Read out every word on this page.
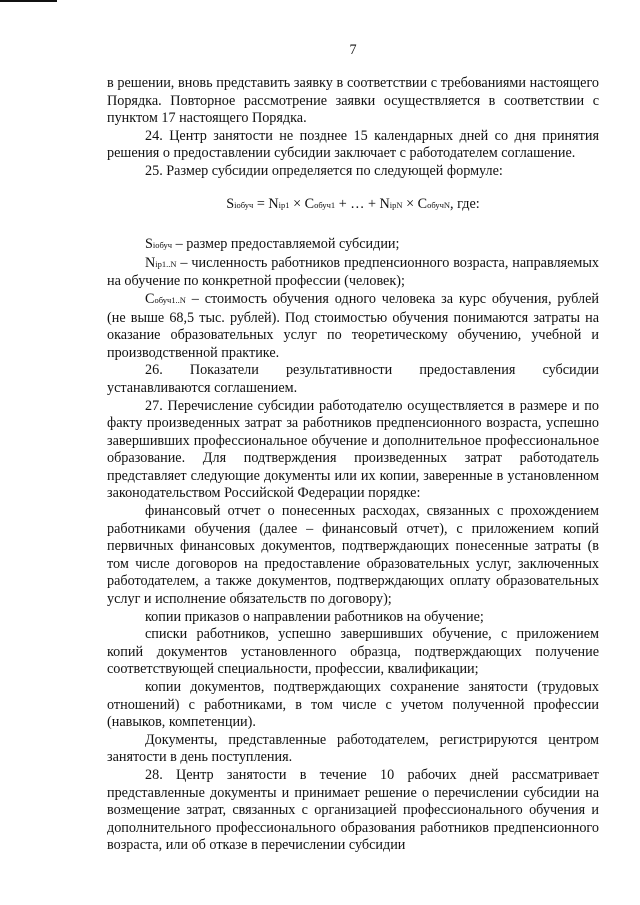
7

в решении, вновь представить заявку в соответствии с требованиями настоящего Порядка. Повторное рассмотрение заявки осуществляется в соответствии с пунктом 17 настоящего Порядка.

24. Центр занятости не позднее 15 календарных дней со дня принятия решения о предоставлении субсидии заключает с работодателем соглашение.

25. Размер субсидии определяется по следующей формуле:

Siобуч = Nip1 × Cобуч1 + … + NipN × CобучN, где:

Siобуч – размер предоставляемой субсидии;

Nip1..N – численность работников предпенсионного возраста, направляемых на обучение по конкретной профессии (человек);

Cобуч1..N – стоимость обучения одного человека за курс обучения, рублей (не выше 68,5 тыс. рублей). Под стоимостью обучения понимаются затраты на оказание образовательных услуг по теоретическому обучению, учебной и производственной практике.

26. Показатели результативности предоставления субсидии устанавливаются соглашением.

27. Перечисление субсидии работодателю осуществляется в размере и по факту произведенных затрат за работников предпенсионного возраста, успешно завершивших профессиональное обучение и дополнительное профессиональное образование. Для подтверждения произведенных затрат работодатель представляет следующие документы или их копии, заверенные в установленном законодательством Российской Федерации порядке:

финансовый отчет о понесенных расходах, связанных с прохождением работниками обучения (далее – финансовый отчет), с приложением копий первичных финансовых документов, подтверждающих понесенные затраты (в том числе договоров на предоставление образовательных услуг, заключенных работодателем, а также документов, подтверждающих оплату образовательных услуг и исполнение обязательств по договору);

копии приказов о направлении работников на обучение;

списки работников, успешно завершивших обучение, с приложением копий документов установленного образца, подтверждающих получение соответствующей специальности, профессии, квалификации;

копии документов, подтверждающих сохранение занятости (трудовых отношений) с работниками, в том числе с учетом полученной профессии (навыков, компетенции).

Документы, представленные работодателем, регистрируются центром занятости в день поступления.

28. Центр занятости в течение 10 рабочих дней рассматривает представленные документы и принимает решение о перечислении субсидии на возмещение затрат, связанных с организацией профессионального обучения и дополнительного профессионального образования работников предпенсионного возраста, или об отказе в перечислении субсидии
